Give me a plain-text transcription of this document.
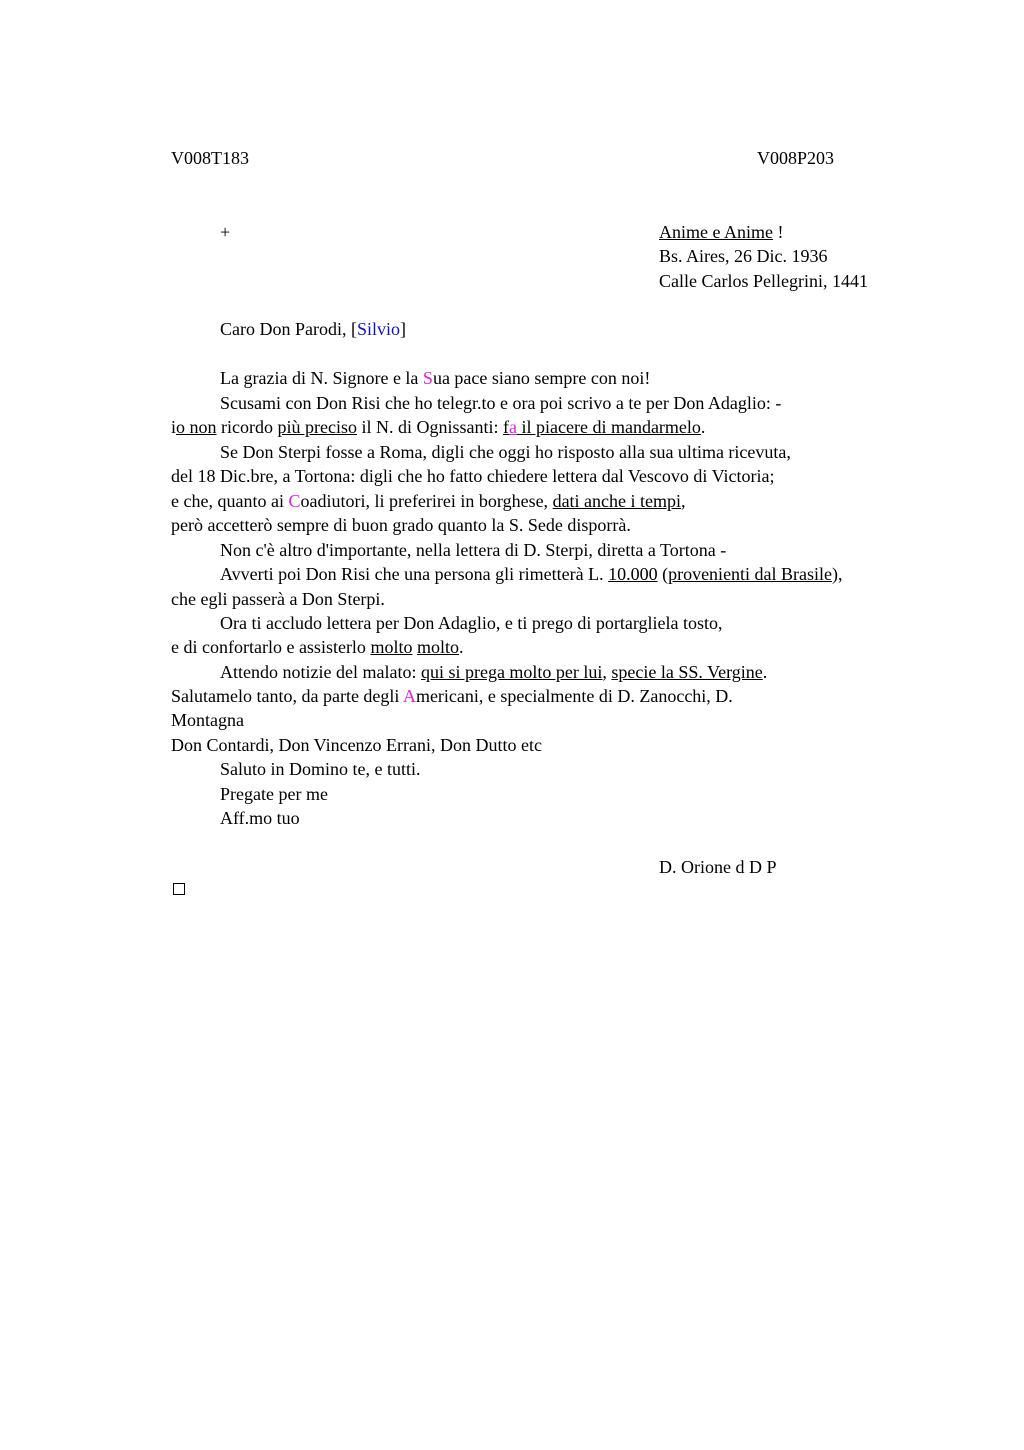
V008T183	V008P203
+	Anime e Anime !
Bs. Aires, 26 Dic. 1936
Calle Carlos Pellegrini, 1441
Caro Don Parodi, [Silvio]
La grazia di N. Signore e la Sua pace siano sempre con noi!
Scusami con Don Risi che ho telegr.to e ora poi scrivo a te per Don Adaglio: -
io non ricordo più preciso il N. di Ognissanti: fa il piacere di mandarmelo.
Se Don Sterpi fosse a Roma, digli che oggi ho risposto alla sua ultima ricevuta,
del 18 Dic.bre, a Tortona: digli che ho fatto chiedere lettera dal Vescovo di Victoria;
e che, quanto ai Coadiutori, li preferirei in borghese, dati anche i tempi,
però accetterò sempre di buon grado quanto la S. Sede disporrà.
Non c'è altro d'importante, nella lettera di D. Sterpi, diretta a Tortona -
Avverti poi Don Risi che una persona gli rimetterà L. 10.000 (provenienti dal Brasile),
che egli passerà a Don Sterpi.
Ora ti accludo lettera per Don Adaglio, e ti prego di portargliela tosto,
e di confortarlo e assisterlo molto molto.
Attendo notizie del malato: qui si prega molto per lui, specie la SS. Vergine.
Salutamelo tanto, da parte degli Americani, e specialmente di D. Zanocchi, D.
Montagna
Don Contardi, Don Vincenzo Errani, Don Dutto etc
Saluto in Domino te, e tutti.
Pregate per me
Aff.mo tuo
D. Orione d D P
